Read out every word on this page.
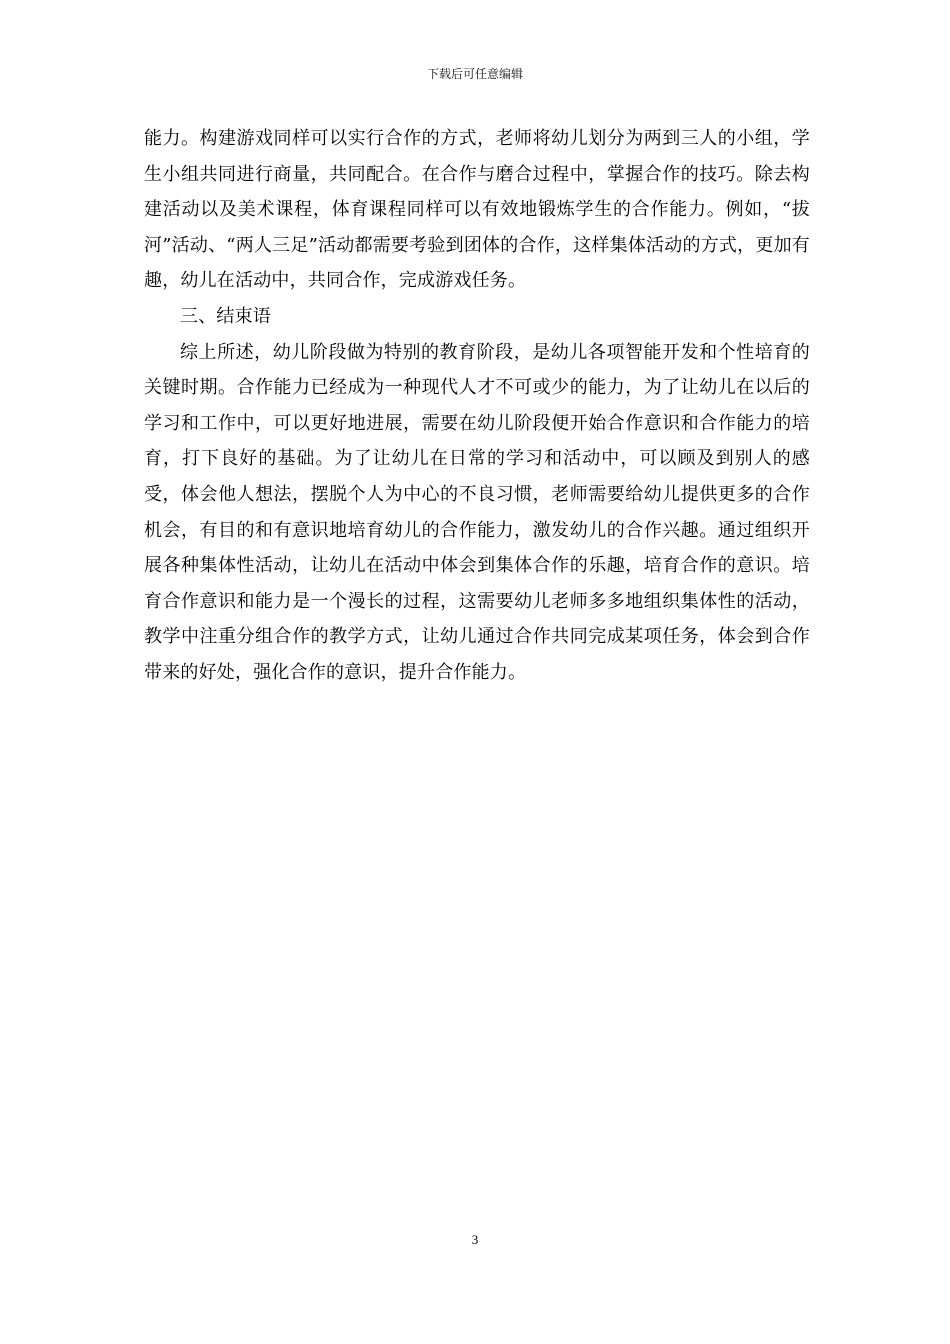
下载后可任意编辑

能力。构建游戏同样可以实行合作的方式，老师将幼儿划分为两到三人的小组，学生小组共同进行商量，共同配合。在合作与磨合过程中，掌握合作的技巧。除去构建活动以及美术课程，体育课程同样可以有效地锻炼学生的合作能力。例如，“拔河”活动、“两人三足”活动都需要考验到团体的合作，这样集体活动的方式，更加有趣，幼儿在活动中，共同合作，完成游戏任务。

三、结束语

综上所述，幼儿阶段做为特别的教育阶段，是幼儿各项智能开发和个性培育的关键时期。合作能力已经成为一种现代人才不可或少的能力，为了让幼儿在以后的学习和工作中，可以更好地进展，需要在幼儿阶段便开始合作意识和合作能力的培育，打下良好的基础。为了让幼儿在日常的学习和活动中，可以顾及到别人的感受，体会他人想法，摆脱个人为中心的不良习惯，老师需要给幼儿提供更多的合作机会，有目的和有意识地培育幼儿的合作能力，激发幼儿的合作兴趣。通过组织开展各种集体性活动，让幼儿在活动中体会到集体合作的乐趣，培育合作的意识。培育合作意识和能力是一个漫长的过程，这需要幼儿老师多多地组织集体性的活动，教学中注重分组合作的教学方式，让幼儿通过合作共同完成某项任务，体会到合作带来的好处，强化合作的意识，提升合作能力。

3
